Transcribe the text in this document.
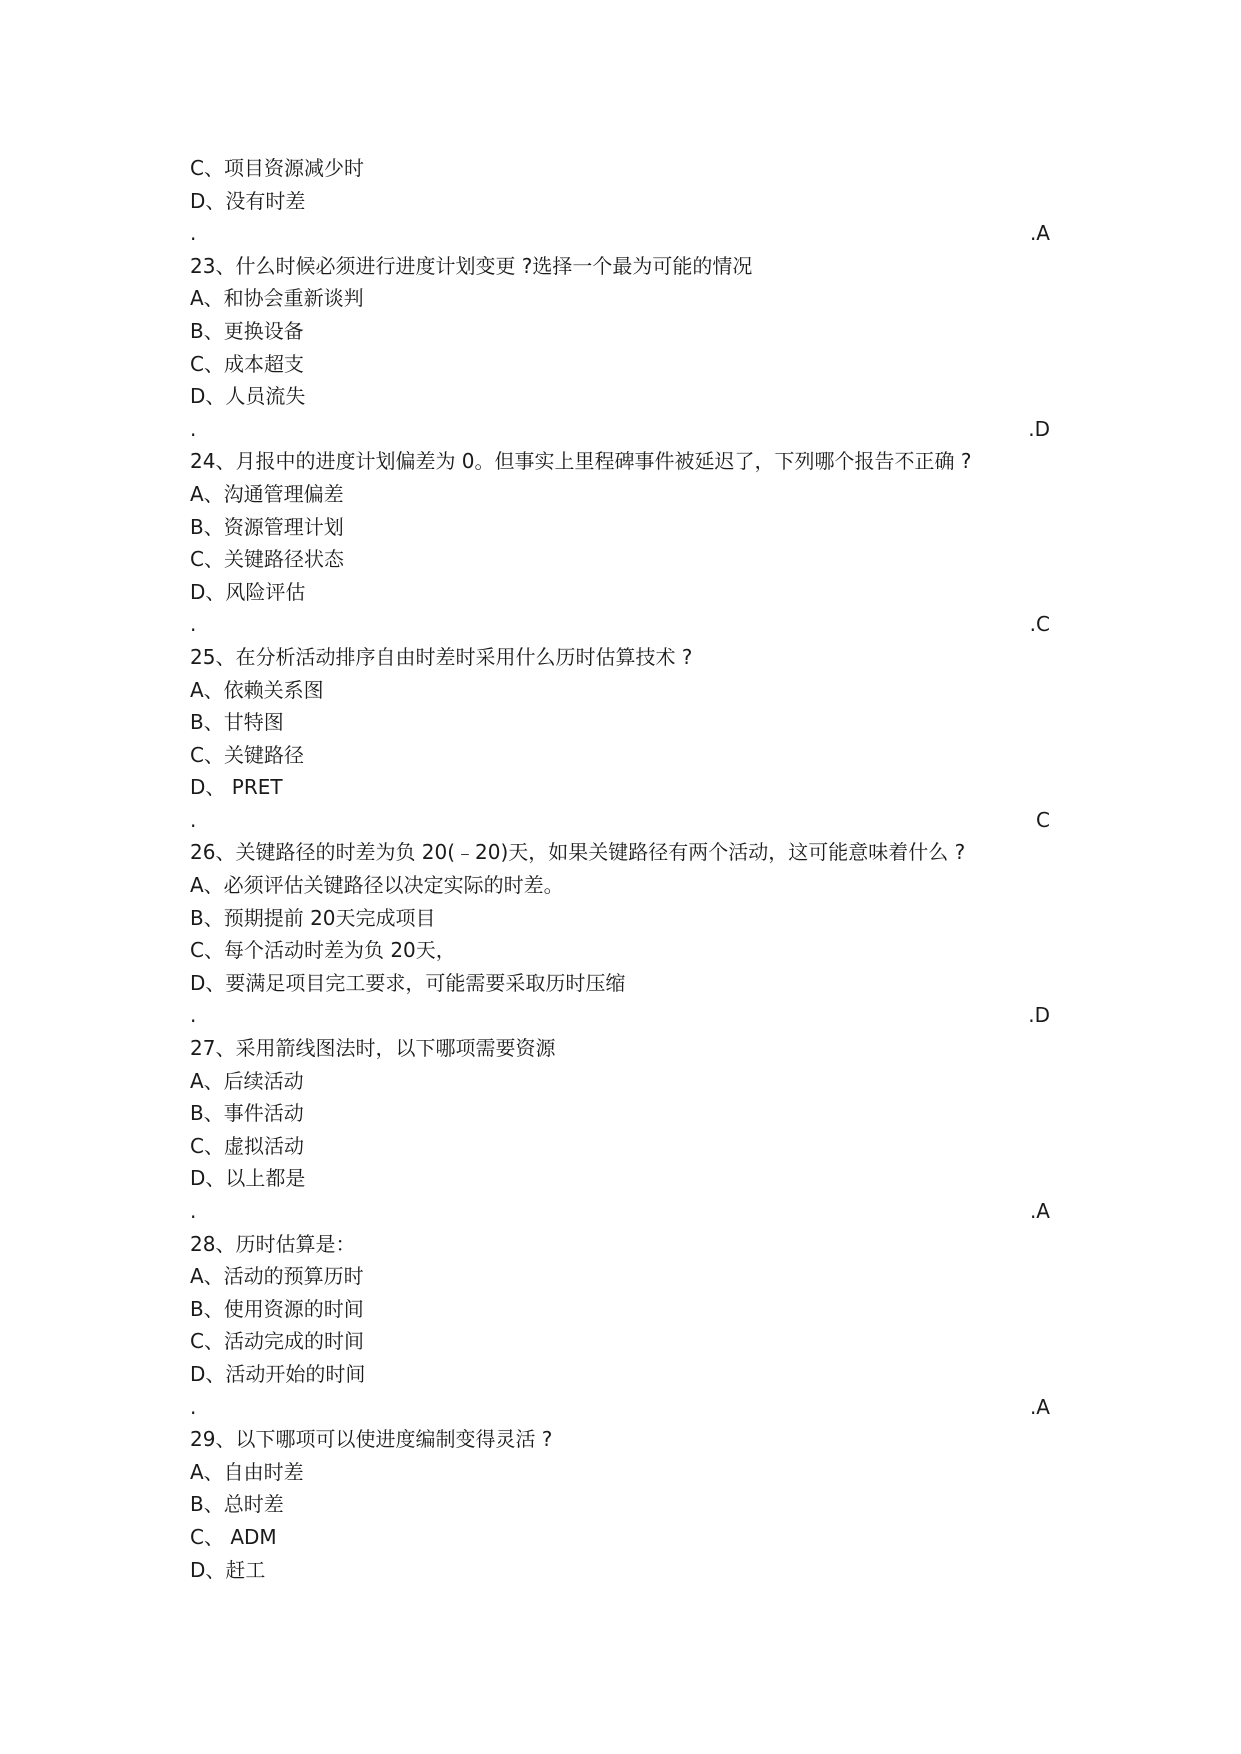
C、项目资源减少时
D、没有时差
.	.A
23、什么时候必须进行进度计划变更 ?选择一个最为可能的情况
A、和协会重新谈判
B、更换设备
C、成本超支
D、人员流失
.	.D
24、月报中的进度计划偏差为 0。但事实上里程碑事件被延迟了，下列哪个报告不正确 ?
A、沟通管理偏差
B、资源管理计划
C、关键路径状态
D、风险评估
.	.C
25、在分析活动排序自由时差时采用什么历时估算技术 ?
A、依赖关系图
B、甘特图
C、关键路径
D、 PRET
.	C
26、关键路径的时差为负 20(﹣20)天，如果关键路径有两个活动，这可能意味着什么 ?
A、必须评估关键路径以决定实际的时差。
B、预期提前 20天完成项目
C、每个活动时差为负 20天，
D、要满足项目完工要求，可能需要采取历时压缩
.	.D
27、采用箭线图法时，以下哪项需要资源
A、后续活动
B、事件活动
C、虚拟活动
D、以上都是
.	.A
28、历时估算是：
A、活动的预算历时
B、使用资源的时间
C、活动完成的时间
D、活动开始的时间
.	.A
29、以下哪项可以使进度编制变得灵活 ?
A、自由时差
B、总时差
C、 ADM
D、赶工
